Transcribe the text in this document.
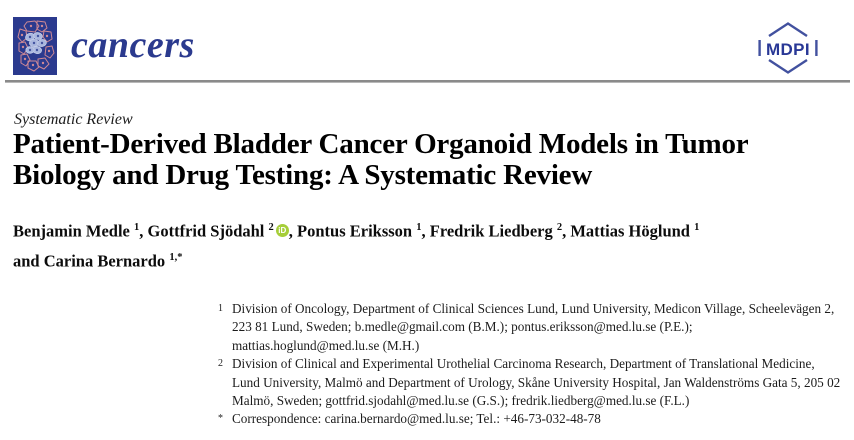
cancers	MDPI
Systematic Review
Patient-Derived Bladder Cancer Organoid Models in Tumor
Biology and Drug Testing: A Systematic Review
Benjamin Medle $^1$, Gottfrid Sjödahl $^2$ iD , Pontus Eriksson $^1$, Fredrik Liedberg $^2$, Mattias Höglund $^1$
and Carina Bernardo $^{1,*}$
1 Division of Oncology, Department of Clinical Sciences Lund, Lund University, Medicon Village, Scheelevägen 2, 223 81 Lund, Sweden; b.medle@gmail.com (B.M.); pontus.eriksson@med.lu.se (P.E.); mattias.hoglund@med.lu.se (M.H.)
2 Division of Clinical and Experimental Urothelial Carcinoma Research, Department of Translational Medicine, Lund University, Malmö and Department of Urology, Skåne University Hospital, Jan Waldenströms Gata 5, 205 02 Malmö, Sweden; gottfrid.sjodahl@med.lu.se (G.S.); fredrik.liedberg@med.lu.se (F.L.)
* Correspondence: carina.bernardo@med.lu.se; Tel.: +46-73-032-48-78
